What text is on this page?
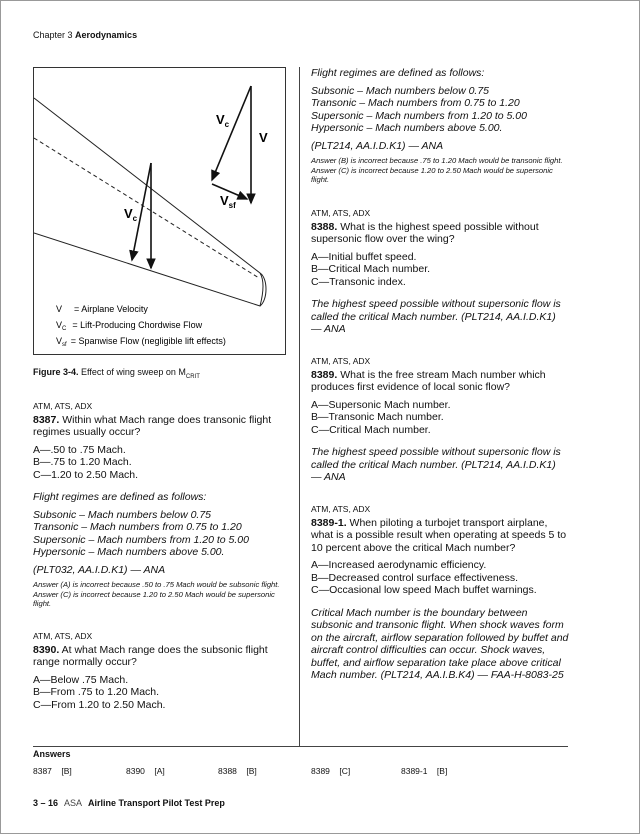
Chapter 3 Aerodynamics
$V_c$
V
$V_{sf}$
$V_c$
V = Airplane Velocity
$V_C$ = Lift-Producing Chordwise Flow
$V_{sf}$ = Spanwise Flow (negligible lift effects)
Figure 3-4. Effect of wing sweep on $M_{CRIT}$
ATM, ATS, ADX

8387. Within what Mach range does transonic flight regimes usually occur?

A—.50 to .75 Mach.
B—.75 to 1.20 Mach.
C—1.20 to 2.50 Mach.
Flight regimes are defined as follows:
Subsonic – Mach numbers below 0.75
Transonic – Mach numbers from 0.75 to 1.20
Supersonic – Mach numbers from 1.20 to 5.00
Hypersonic – Mach numbers above 5.00.
(PLT032, AA.I.D.K1) — ANA

Answer (A) is incorrect because .50 to .75 Mach would be subsonic flight. Answer (C) is incorrect because 1.20 to 2.50 Mach would be supersonic flight.

ATM, ATS, ADX

8390. At what Mach range does the subsonic flight range normally occur?

A—Below .75 Mach.
B—From .75 to 1.20 Mach.
C—From 1.20 to 2.50 Mach.
Flight regimes are defined as follows:
Subsonic – Mach numbers below 0.75
Transonic – Mach numbers from 0.75 to 1.20
Supersonic – Mach numbers from 1.20 to 5.00
Hypersonic – Mach numbers above 5.00.
(PLT214, AA.I.D.K1) — ANA

Answer (B) is incorrect because .75 to 1.20 Mach would be transonic flight. Answer (C) is incorrect because 1.20 to 2.50 Mach would be supersonic flight.

ATM, ATS, ADX

8388. What is the highest speed possible without supersonic flow over the wing?

A—Initial buffet speed.
B—Critical Mach number.
C—Transonic index.

The highest speed possible without supersonic flow is called the critical Mach number. (PLT214, AA.I.D.K1) — ANA

ATM, ATS, ADX

8389. What is the free stream Mach number which produces first evidence of local sonic flow?

A—Supersonic Mach number.
B—Transonic Mach number.
C—Critical Mach number.

The highest speed possible without supersonic flow is called the critical Mach number. (PLT214, AA.I.D.K1) — ANA

ATM, ATS, ADX

8389-1. When piloting a turbojet transport airplane, what is a possible result when operating at speeds 5 to 10 percent above the critical Mach number?

A—Increased aerodynamic efficiency.
B—Decreased control surface effectiveness.
C—Occasional low speed Mach buffet warnings.

Critical Mach number is the boundary between subsonic and transonic flight. When shock waves form on the aircraft, airflow separation followed by buffet and aircraft control difficulties can occur. Shock waves, buffet, and airflow separation take place above critical Mach number. (PLT214, AA.I.B.K4) — FAA-H-8083-25

Answers
8387 [B]	8390 [A]	8388 [B]	8389 [C]	8389-1 [B]
3 – 16 ASA Airline Transport Pilot Test Prep
